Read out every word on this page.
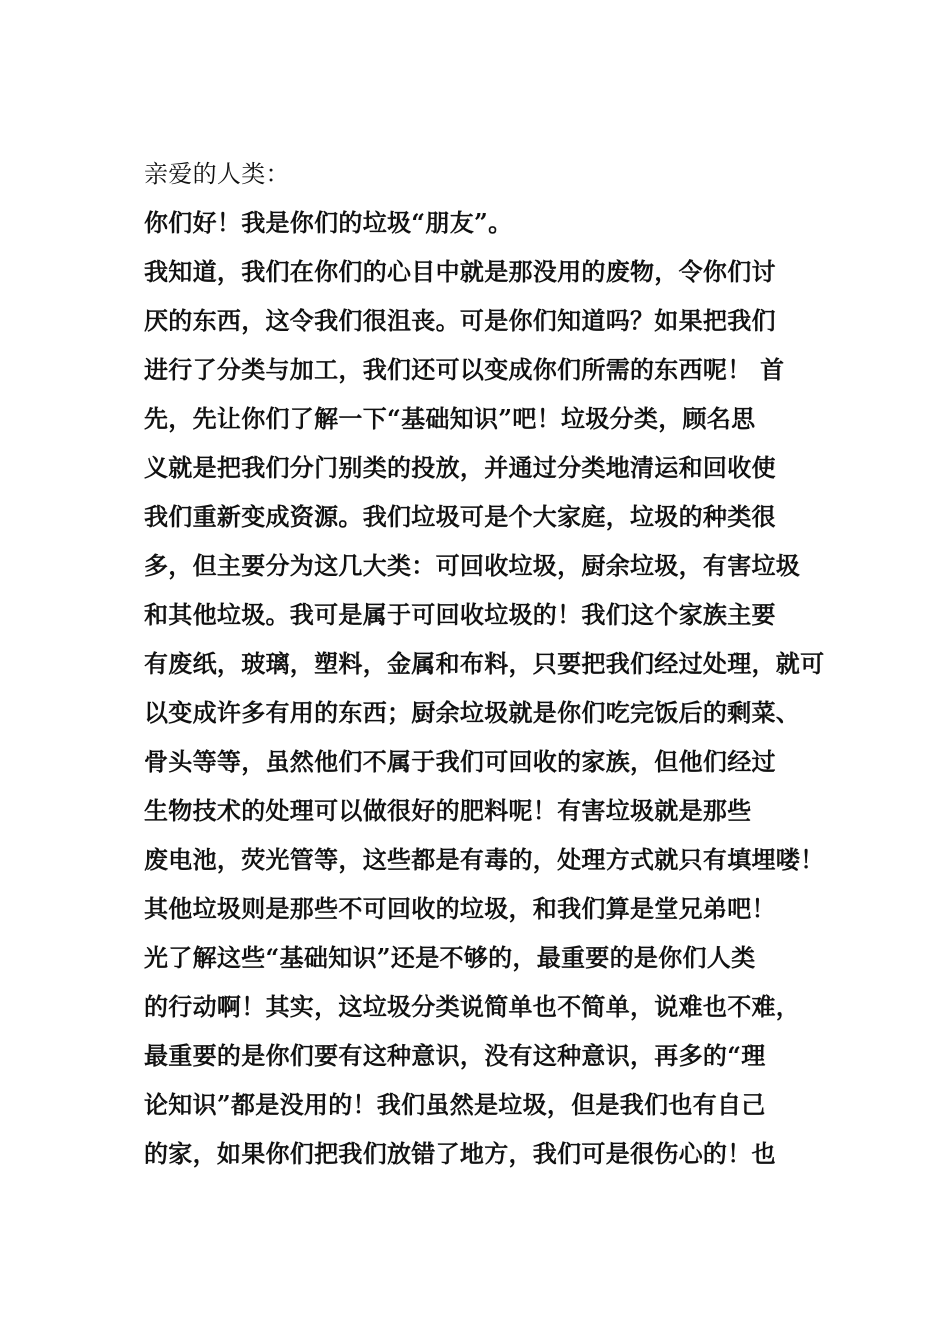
亲爱的人类：

你们好！我是你们的垃圾“朋友”。

我知道，我们在你们的心目中就是那没用的废物，令你们讨

厌的东西，这令我们很沮丧。可是你们知道吗？如果把我们

进行了分类与加工，我们还可以变成你们所需的东西呢！ 首

先，先让你们了解一下“基础知识”吧！垃圾分类，顾名思

义就是把我们分门别类的投放，并通过分类地清运和回收使

我们重新变成资源。我们垃圾可是个大家庭，垃圾的种类很

多，但主要分为这几大类：可回收垃圾，厨余垃圾，有害垃圾

和其他垃圾。我可是属于可回收垃圾的！我们这个家族主要

有废纸，玻璃，塑料，金属和布料，只要把我们经过处理，就可

以变成许多有用的东西；厨余垃圾就是你们吃完饭后的剩菜、

骨头等等，虽然他们不属于我们可回收的家族，但他们经过

生物技术的处理可以做很好的肥料呢！有害垃圾就是那些

废电池，荧光管等，这些都是有毒的，处理方式就只有填埋喽！

其他垃圾则是那些不可回收的垃圾，和我们算是堂兄弟吧！

光了解这些“基础知识”还是不够的，最重要的是你们人类

的行动啊！其实，这垃圾分类说简单也不简单，说难也不难，

最重要的是你们要有这种意识，没有这种意识，再多的“理

论知识”都是没用的！我们虽然是垃圾，但是我们也有自己

的家，如果你们把我们放错了地方，我们可是很伤心的！也
